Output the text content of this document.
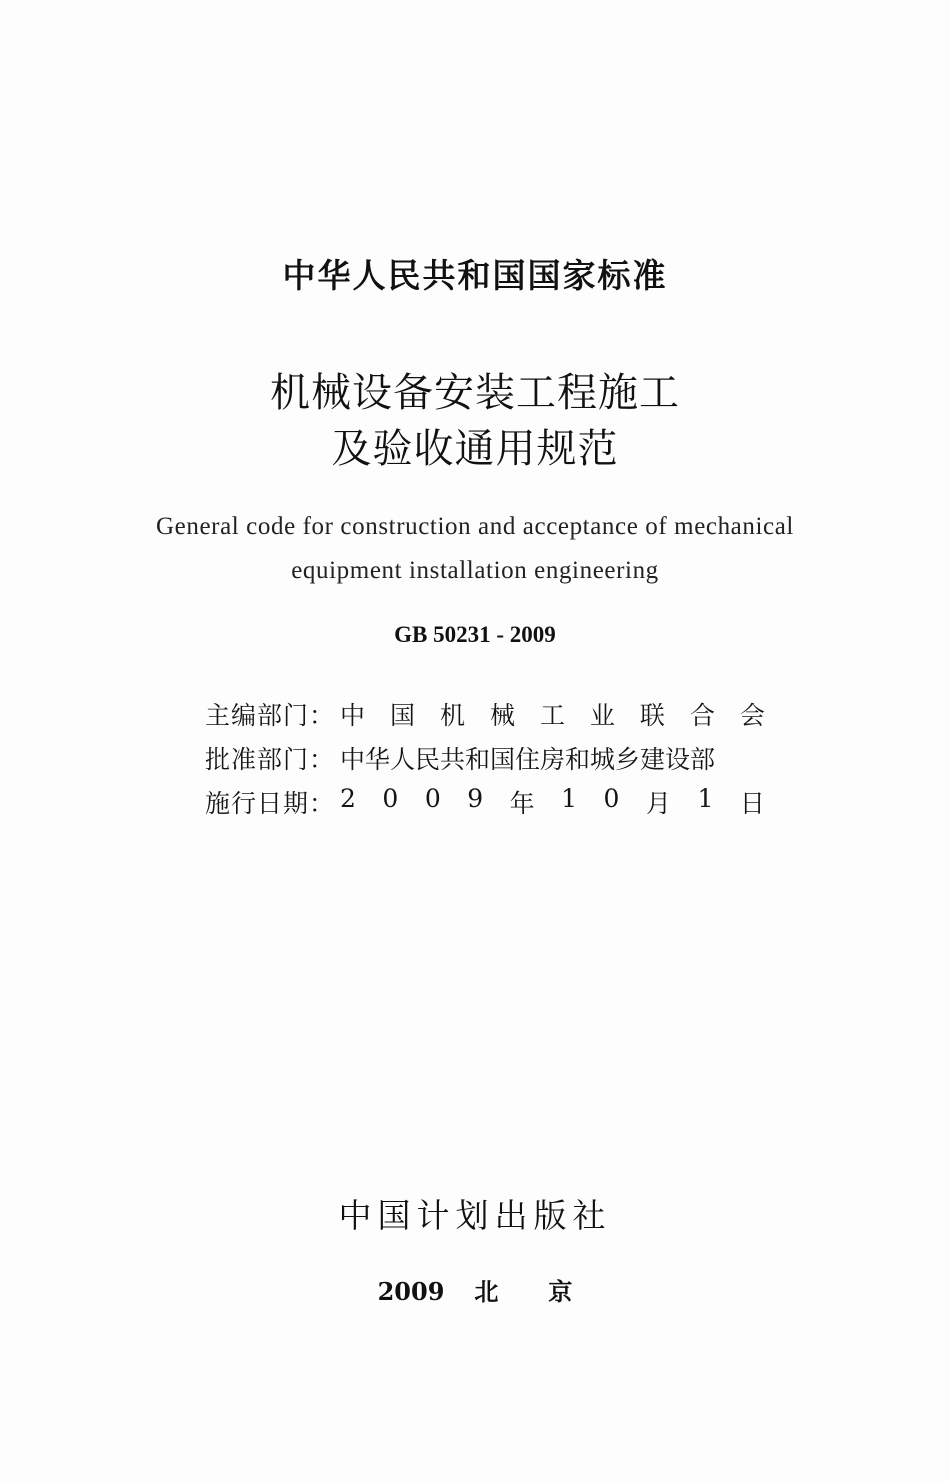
中华人民共和国国家标准
机械设备安装工程施工
及验收通用规范
General code for construction and acceptance of mechanical
equipment installation engineering
GB 50231 - 2009
主编部门： 中 国 机 械 工 业 联 合 会
批准部门： 中华人民共和国住房和城乡建设部
施行日期： 2 0 0 9 年 1 0 月 1 日
中国计划出版社
2009 北 京
